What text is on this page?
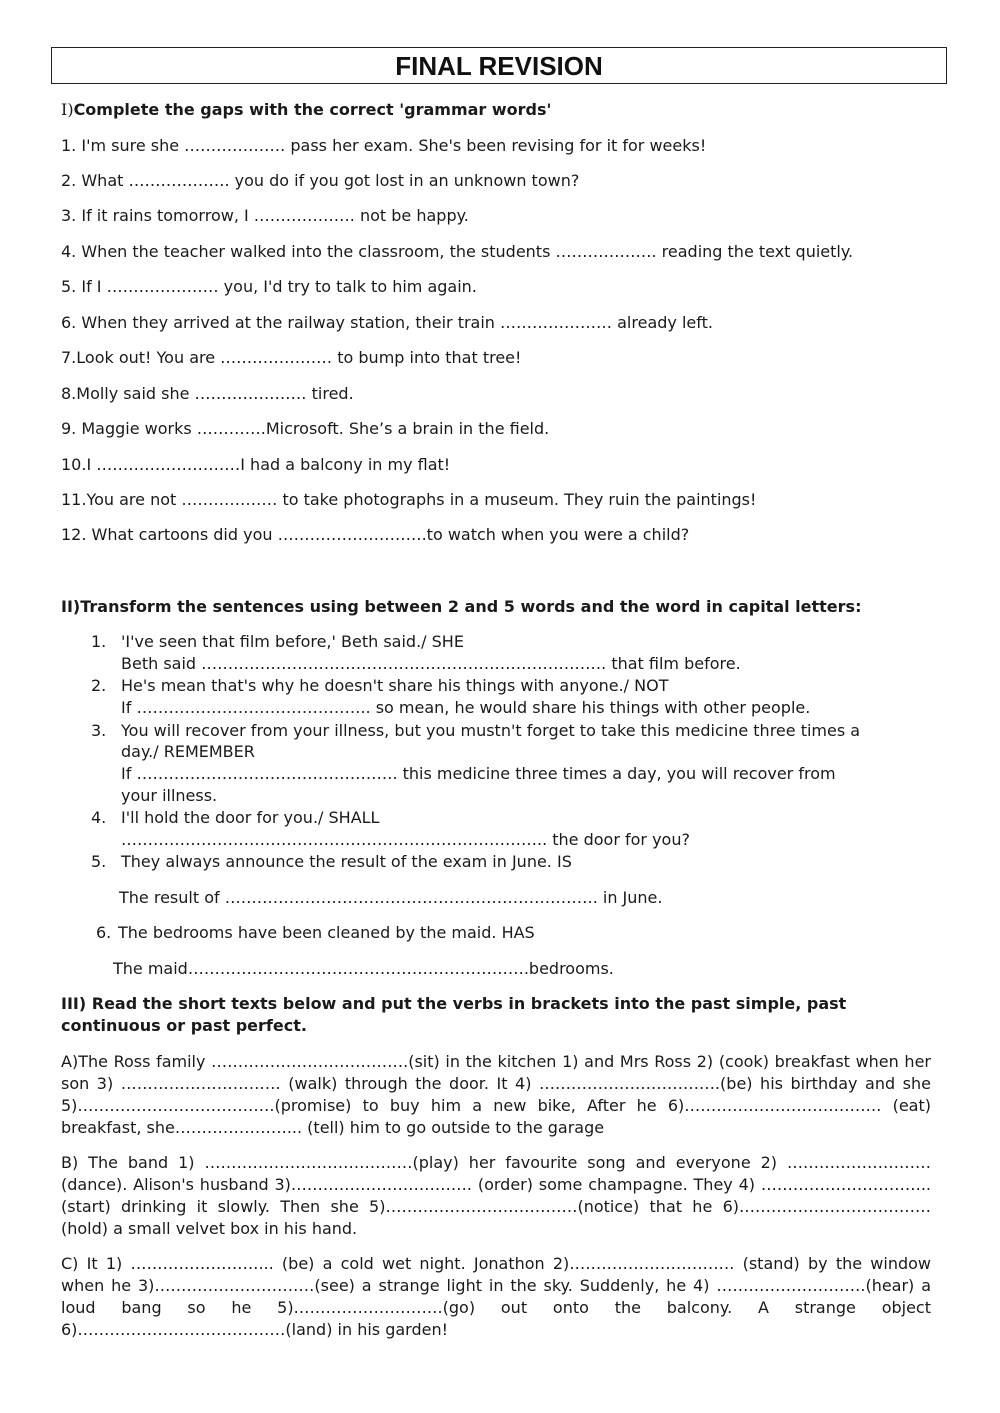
FINAL REVISION
I)Complete the gaps with the correct 'grammar words'
1. I'm sure she ………………. pass her exam. She's been revising for it for weeks!
2. What ………………. you do if you got lost in an unknown town?
3. If it rains tomorrow, I ………………. not be happy.
4. When the teacher walked into the classroom, the students ………………. reading the text quietly.
5. If I ………………… you, I'd try to talk to him again.
6. When they arrived at the railway station, their train ………………… already left.
7.Look out! You are ………………… to bump into that tree!
8.Molly said she ………………… tired.
9. Maggie works ………….Microsoft. She’s a brain in the field.
10.I ………………………I had a balcony in my flat!
11.You are not ……………… to take photographs in a museum. They ruin the paintings!
12. What cartoons did you ……………………….to watch when you were a child?
II)Transform the sentences using between 2 and 5 words and the word in capital letters:
1. 'I've seen that film before,' Beth said./ SHE
Beth said …………………………………………………………………. that film before.
2. He's mean that's why he doesn't share his things with anyone./ NOT
If …………………………………….. so mean, he would share his things with other people.
3. You will recover from your illness, but you mustn't forget to take this medicine three times a
day./ REMEMBER
If …………………………………………. this medicine three times a day, you will recover from
your illness.
4. I'll hold the door for you./ SHALL
…………………………………………………………………….. the door for you?
5. They always announce the result of the exam in June. IS
The result of ……………………………………………………………. in June.
6. The bedrooms have been cleaned by the maid. HAS
The maid……………………………………………………….bedrooms.
III) Read the short texts below and put the verbs in brackets into the past simple, past
continuous or past perfect.
A)The Ross family ……………………………….(sit) in the kitchen 1) and Mrs Ross 2) (cook) breakfast when her son 3) ………………………… (walk) through the door. It 4) …………………………….(be) his birthday and she 5)……………………………….(promise) to buy him a new bike, After he 6)………………………………. (eat) breakfast, she…………………... (tell) him to go outside to the garage
B) The band 1) …………………………………(play) her favourite song and everyone 2) ………………………(dance). Alison's husband 3)……………………………. (order) some champagne. They 4) …………………………..(start) drinking it slowly. Then she 5)………………………………(notice) that he 6)………………………………(hold) a small velvet box in his hand.
C) It 1) ……………………... (be) a cold wet night. Jonathon 2)…………………………. (stand) by the window when he 3)…………………………(see) a strange light in the sky. Suddenly, he 4) ……………………….(hear) a loud bang so he 5)……………………….(go) out onto the balcony. A strange object 6)…………………………………(land) in his garden!
